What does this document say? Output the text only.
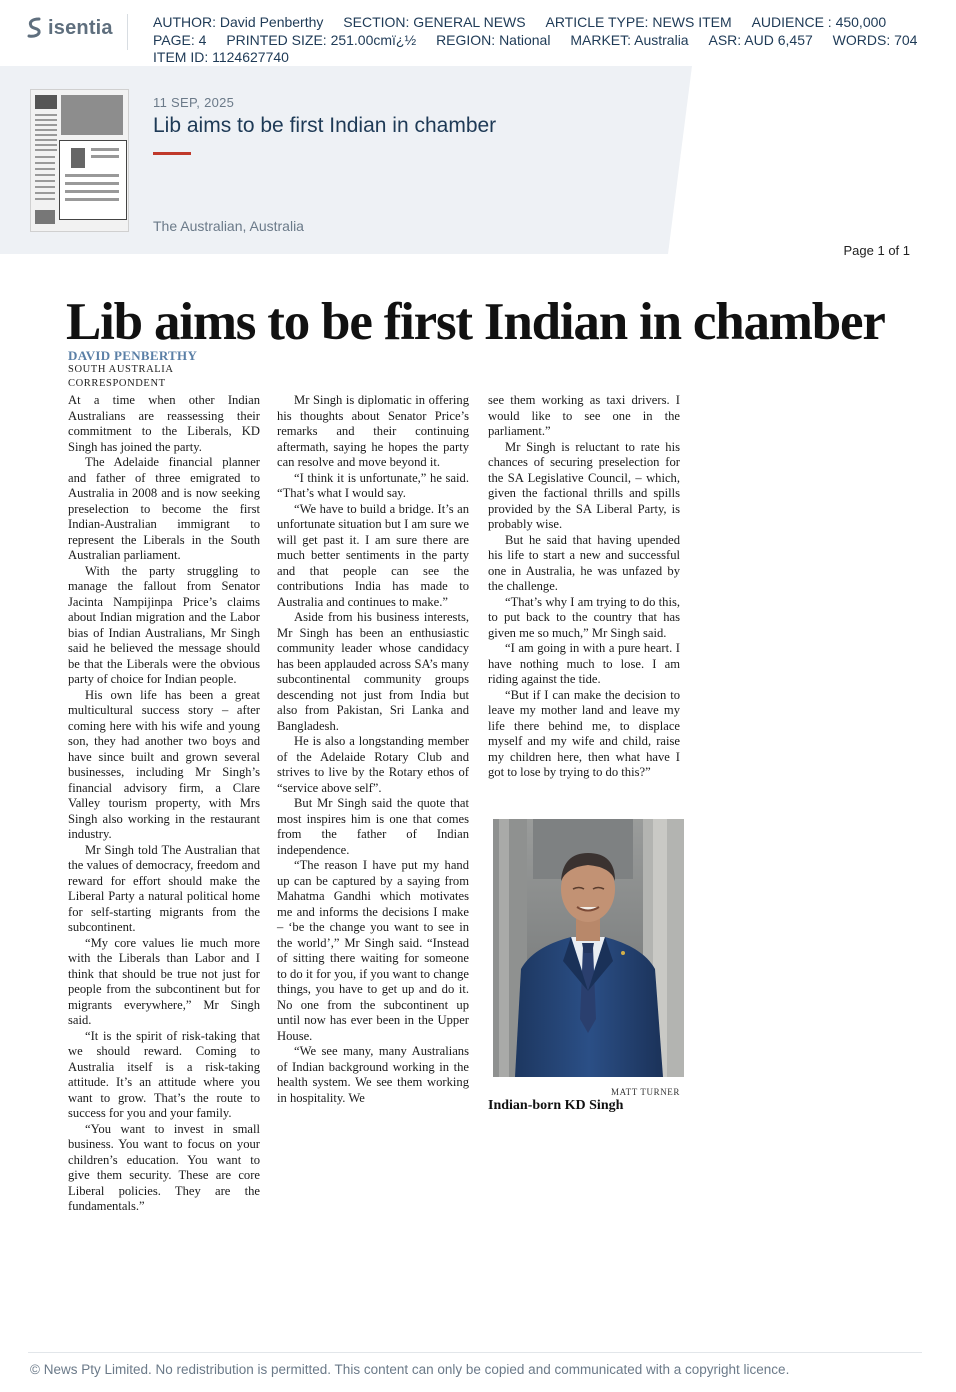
isentia	AUTHOR: David Penberthy SECTION: GENERAL NEWS ARTICLE TYPE: NEWS ITEM AUDIENCE : 450,000 PAGE: 4 PRINTED SIZE: 251.00cmï¿½ REGION: National MARKET: Australia ASR: AUD 6,457 WORDS: 704 ITEM ID: 1124627740
11 SEP, 2025
Lib aims to be first Indian in chamber
The Australian, Australia
Page 1 of 1
Lib aims to be first Indian in chamber
DAVID PENBERTHY
SOUTH AUSTRALIA
CORRESPONDENT

At a time when other Indian Australians are reassessing their commitment to the Liberals, KD Singh has joined the party.

The Adelaide financial planner and father of three emigrated to Australia in 2008 and is now seeking preselection to become the first Indian-Australian immigrant to represent the Liberals in the South Australian parliament.

With the party struggling to manage the fallout from Senator Jacinta Nampijinpa Price’s claims about Indian migration and the Labor bias of Indian Australians, Mr Singh said he believed the message should be that the Liberals were the obvious party of choice for Indian people.

His own life has been a great multicultural success story – after coming here with his wife and young son, they had another two boys and have since built and grown several businesses, including Mr Singh’s financial advisory firm, a Clare Valley tourism property, with Mrs Singh also working in the restaurant industry.

Mr Singh told The Australian that the values of democracy, freedom and reward for effort should make the Liberal Party a natural political home for self-starting migrants from the subcontinent.

“My core values lie much more with the Liberals than Labor and I think that should be true not just for people from the subcontinent but for migrants everywhere,” Mr Singh said.

“It is the spirit of risk-taking that we should reward. Coming to Australia itself is a risk-taking attitude. It’s an attitude where you want to grow. That’s the route to success for you and your family.

“You want to invest in small business. You want to focus on your children’s education. You want to give them security. These are core Liberal policies. They are the fundamentals.”

Mr Singh is diplomatic in offering his thoughts about Senator Price’s remarks and their continuing aftermath, saying he hopes the party can resolve and move beyond it.

“I think it is unfortunate,” he said. “That’s what I would say.

“We have to build a bridge. It’s an unfortunate situation but I am sure we will get past it. I am sure there are much better sentiments in the party and that people can see the contributions India has made to Australia and continues to make.”

Aside from his business interests, Mr Singh has been an enthusiastic community leader whose candidacy has been applauded across SA’s many subcontinental community groups descending not just from India but also from Pakistan, Sri Lanka and Bangladesh.

He is also a longstanding member of the Adelaide Rotary Club and strives to live by the Rotary ethos of “service above self”.

But Mr Singh said the quote that most inspires him is one that comes from the father of Indian independence.

“The reason I have put my hand up can be captured by a saying from Mahatma Gandhi which motivates me and informs the decisions I make – ‘be the change you want to see in the world’,” Mr Singh said. “Instead of sitting there waiting for someone to do it for you, if you want to change things, you have to get up and do it. No one from the subcontinent up until now has ever been in the Upper House.

“We see many, many Australians of Indian background working in the health system. We see them working in hospitality. We

see them working as taxi drivers. I would like to see one in the parliament.”

Mr Singh is reluctant to rate his chances of securing preselection for the SA Legislative Council, – which, given the factional thrills and spills provided by the SA Liberal Party, is probably wise.

But he said that having upended his life to start a new and successful one in Australia, he was unfazed by the challenge.

“That’s why I am trying to do this, to put back to the country that has given me so much,” Mr Singh said.

“I am going in with a pure heart. I have nothing much to lose. I am riding against the tide.

“But if I can make the decision to leave my mother land and leave my life there behind me, to displace myself and my wife and child, raise my children here, then what have I got to lose by trying to do this?”

MATT TURNER
Indian-born KD Singh
© News Pty Limited. No redistribution is permitted. This content can only be copied and communicated with a copyright licence.
